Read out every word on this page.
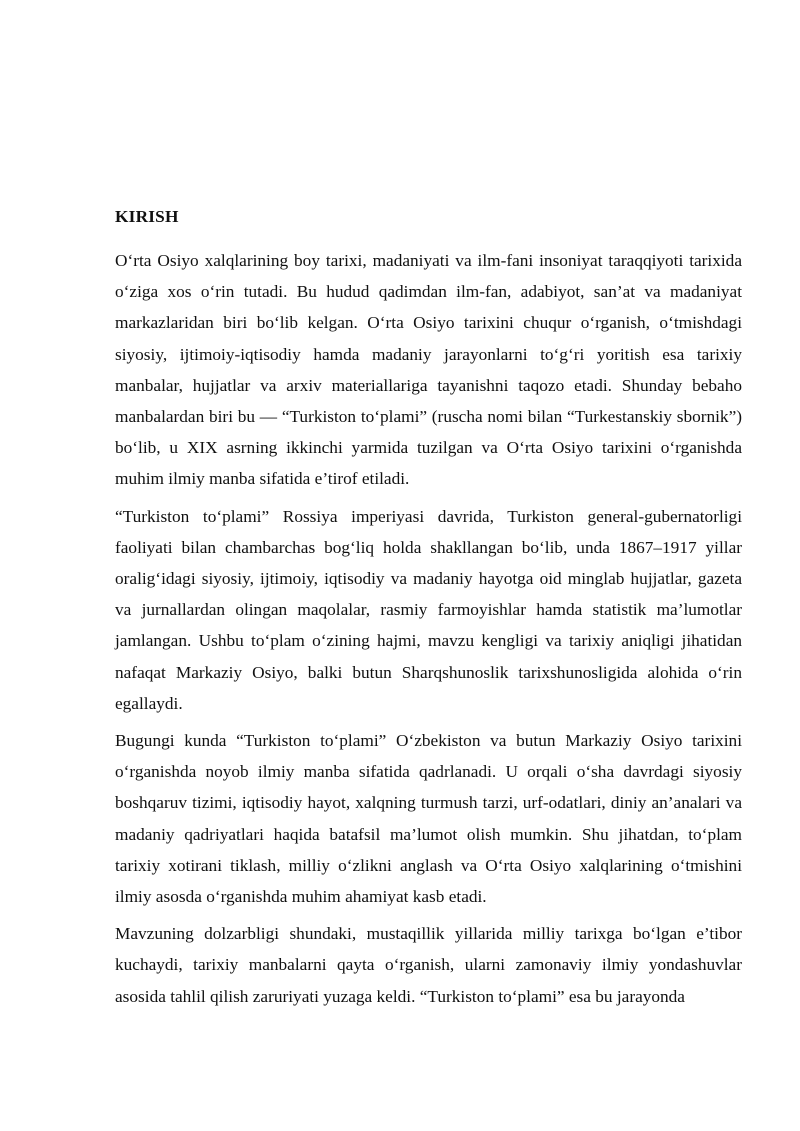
KIRISH

O‘rta Osiyo xalqlarining boy tarixi, madaniyati va ilm-fani insoniyat taraqqiyoti tarixida o‘ziga xos o‘rin tutadi. Bu hudud qadimdan ilm-fan, adabiyot, san’at va madaniyat markazlaridan biri bo‘lib kelgan. O‘rta Osiyo tarixini chuqur o‘rganish, o‘tmishdagi siyosiy, ijtimoiy-iqtisodiy hamda madaniy jarayonlarni to‘g‘ri yoritish esa tarixiy manbalar, hujjatlar va arxiv materiallariga tayanishni taqozo etadi. Shunday bebaho manbalardan biri bu — “Turkiston to‘plami” (ruscha nomi bilan “Turkestanskiy sbornik”) bo‘lib, u XIX asrning ikkinchi yarmida tuzilgan va O‘rta Osiyo tarixini o‘rganishda muhim ilmiy manba sifatida e’tirof etiladi.

“Turkiston to‘plami” Rossiya imperiyasi davrida, Turkiston general-gubernatorligi faoliyati bilan chambarchas bog‘liq holda shakllangan bo‘lib, unda 1867–1917 yillar oralig‘idagi siyosiy, ijtimoiy, iqtisodiy va madaniy hayotga oid minglab hujjatlar, gazeta va jurnallardan olingan maqolalar, rasmiy farmoyishlar hamda statistik ma’lumotlar jamlangan. Ushbu to‘plam o‘zining hajmi, mavzu kengligi va tarixiy aniqligi jihatidan nafaqat Markaziy Osiyo, balki butun Sharqshunoslik tarixshunosligida alohida o‘rin egallaydi.

Bugungi kunda “Turkiston to‘plami” O‘zbekiston va butun Markaziy Osiyo tarixini o‘rganishda noyob ilmiy manba sifatida qadrlanadi. U orqali o‘sha davrdagi siyosiy boshqaruv tizimi, iqtisodiy hayot, xalqning turmush tarzi, urf-odatlari, diniy an’analari va madaniy qadriyatlari haqida batafsil ma’lumot olish mumkin. Shu jihatdan, to‘plam tarixiy xotirani tiklash, milliy o‘zlikni anglash va O‘rta Osiyo xalqlarining o‘tmishini ilmiy asosda o‘rganishda muhim ahamiyat kasb etadi.

Mavzuning dolzarbligi shundaki, mustaqillik yillarida milliy tarixga bo‘lgan e’tibor kuchaydi, tarixiy manbalarni qayta o‘rganish, ularni zamonaviy ilmiy yondashuvlar asosida tahlil qilish zaruriyati yuzaga keldi. “Turkiston to‘plami” esa bu jarayonda
